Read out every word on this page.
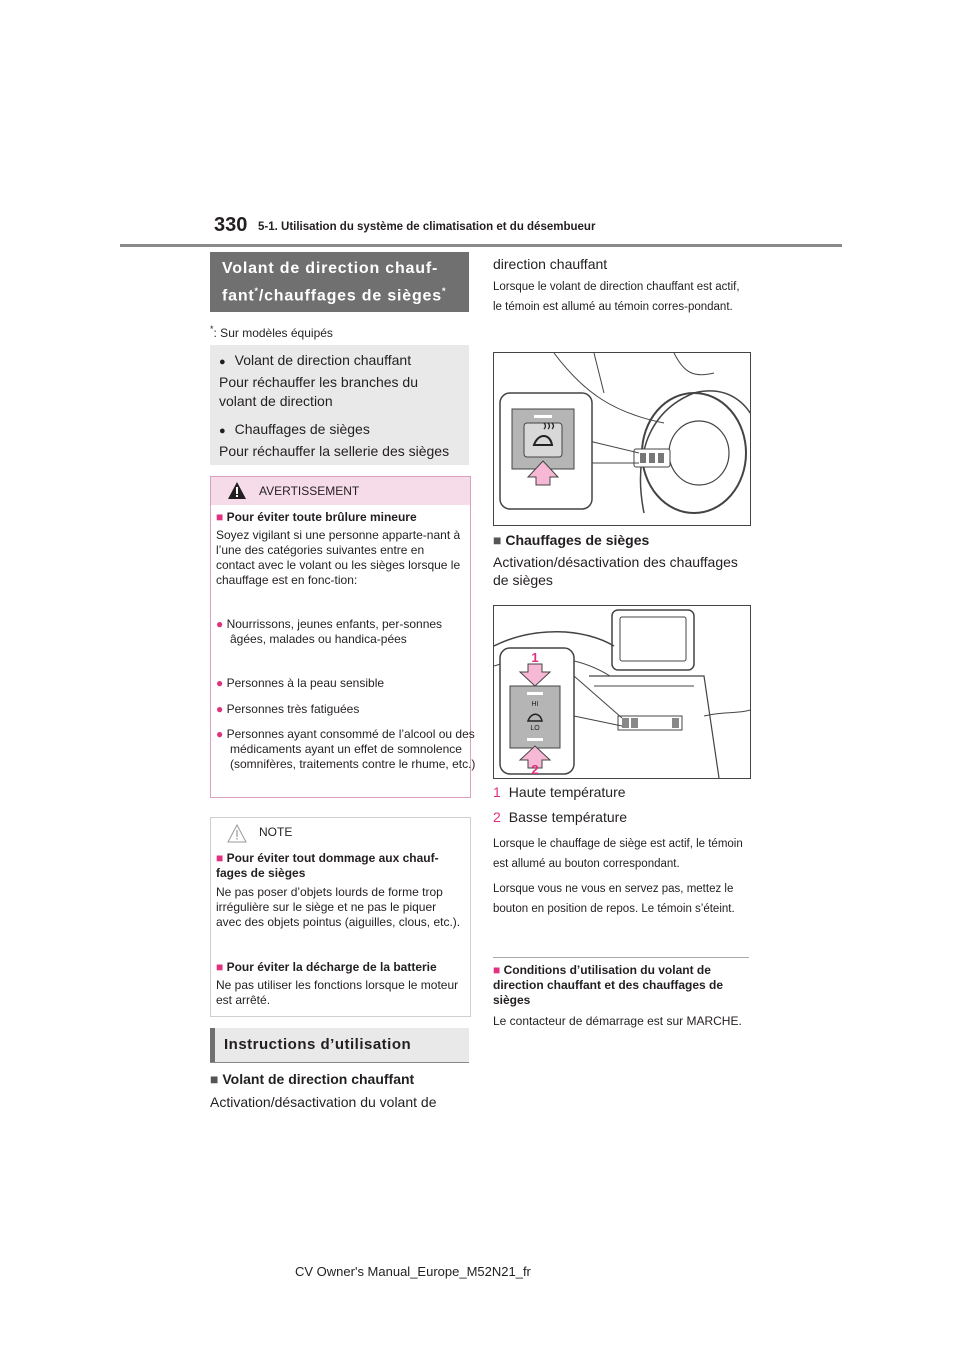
330 5-1. Utilisation du système de climatisation et du désembueur
Volant de direction chauf-
fant*/chauffages de sièges*
*: Sur modèles équipés
● Volant de direction chauffant
Pour réchauffer les branches du volant de direction
● Chauffages de sièges
Pour réchauffer la sellerie des sièges
AVERTISSEMENT
■ Pour éviter toute brûlure mineure
Soyez vigilant si une personne apparte-nant à l’une des catégories suivantes entre en contact avec le volant ou les sièges lorsque le chauffage est en fonc-tion:
● Nourrissons, jeunes enfants, per-sonnes âgées, malades ou handica-pées
● Personnes à la peau sensible
● Personnes très fatiguées
● Personnes ayant consommé de l’alcool ou des médicaments ayant un effet de somnolence (somnifères, traitements contre le rhume, etc.)
NOTE
■ Pour éviter tout dommage aux chauf-fages de sièges
Ne pas poser d’objets lourds de forme trop irrégulière sur le siège et ne pas le piquer avec des objets pointus (aiguilles, clous, etc.).
■ Pour éviter la décharge de la batterie
Ne pas utiliser les fonctions lorsque le moteur est arrêté.
Instructions d’utilisation
■ Volant de direction chauffant
Activation/désactivation du volant de
direction chauffant
Lorsque le volant de direction chauffant est actif, le témoin est allumé au témoin corres-pondant.
■ Chauffages de sièges
Activation/désactivation des chauffages de sièges
HI
LO
1
2
1 Haute température
2 Basse température
Lorsque le chauffage de siège est actif, le témoin est allumé au bouton correspondant.
Lorsque vous ne vous en servez pas, mettez le bouton en position de repos. Le témoin s’éteint.
■ Conditions d’utilisation du volant de direction chauffant et des chauffages de sièges
Le contacteur de démarrage est sur MARCHE.
CV Owner's Manual_Europe_M52N21_fr
